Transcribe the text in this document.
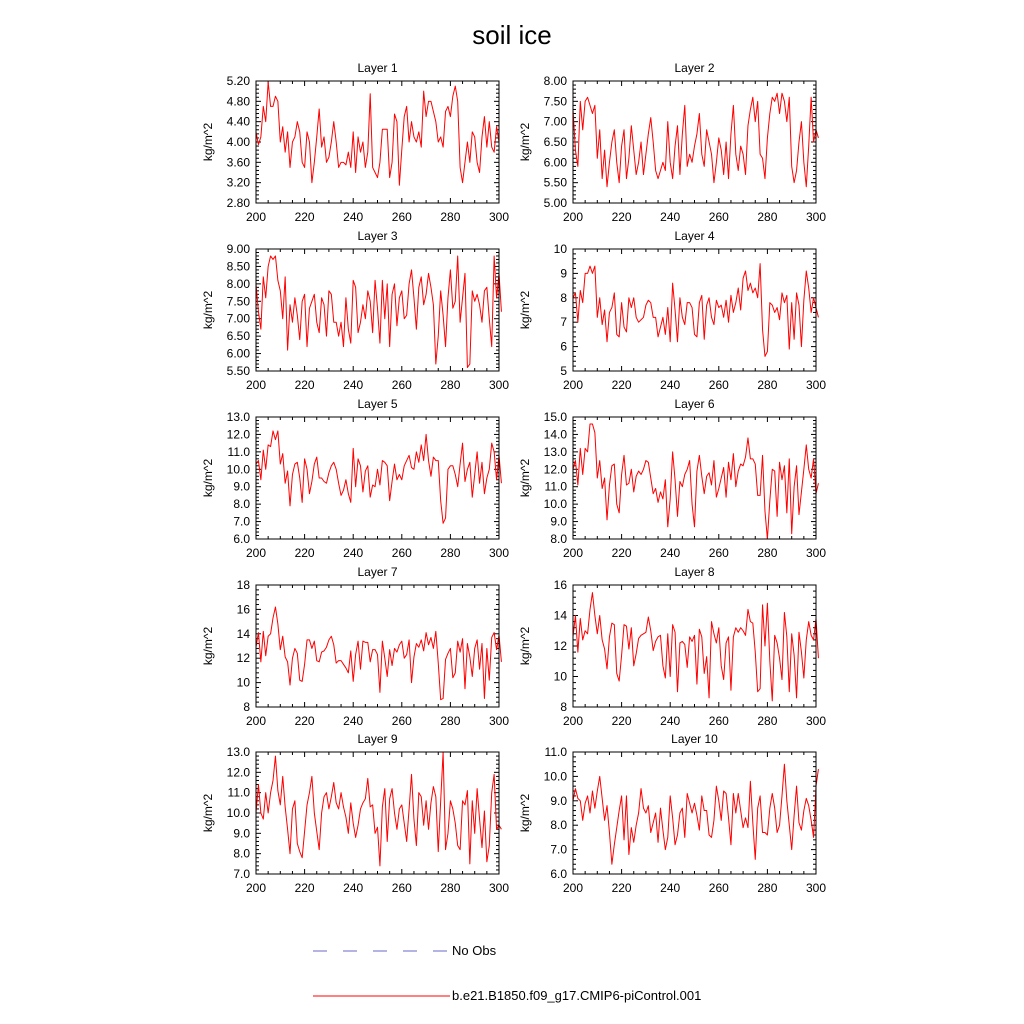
soil ice
Layer 1
kg/m^2
200 220 240 260 280 300
2.80
3.20
3.60
4.00
4.40
4.80
5.20
Layer 2
kg/m^2
200 220 240 260 280 300
5.00
5.50
6.00
6.50
7.00
7.50
8.00
Layer 3
kg/m^2
200 220 240 260 280 300
5.50
6.00
6.50
7.00
7.50
8.00
8.50
9.00
Layer 4
kg/m^2
200 220 240 260 280 300
5
6
7
8
9
10
Layer 5
kg/m^2
200 220 240 260 280 300
6.0
7.0
8.0
9.0
10.0
11.0
12.0
13.0
Layer 6
kg/m^2
200 220 240 260 280 300
8.0
9.0
10.0
11.0
12.0
13.0
14.0
15.0
Layer 7
kg/m^2
200 220 240 260 280 300
8
10
12
14
16
18
Layer 8
kg/m^2
200 220 240 260 280 300
8
10
12
14
16
Layer 9
kg/m^2
200 220 240 260 280 300
7.0
8.0
9.0
10.0
11.0
12.0
13.0
Layer 10
kg/m^2
200 220 240 260 280 300
6.0
7.0
8.0
9.0
10.0
11.0
No Obs
b.e21.B1850.f09_g17.CMIP6-piControl.001
